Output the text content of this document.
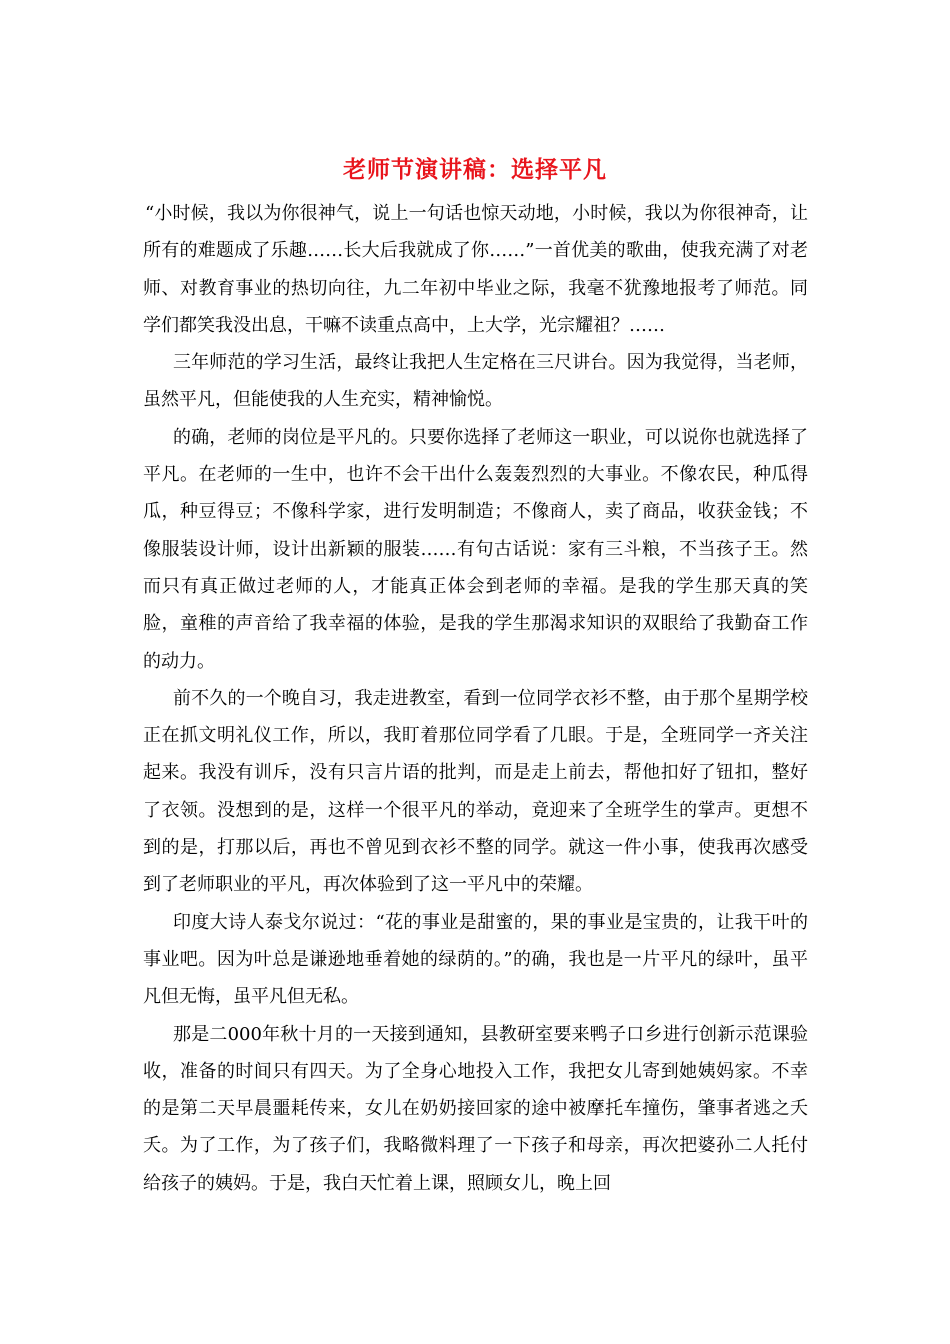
老师节演讲稿：选择平凡

“小时候，我以为你很神气，说上一句话也惊天动地，小时候，我以为你很神奇，让所有的难题成了乐趣……长大后我就成了你……”一首优美的歌曲，使我充满了对老师、对教育事业的热切向往，九二年初中毕业之际，我毫不犹豫地报考了师范。同学们都笑我没出息，干嘛不读重点高中，上大学，光宗耀祖？……

三年师范的学习生活，最终让我把人生定格在三尺讲台。因为我觉得，当老师，虽然平凡，但能使我的人生充实，精神愉悦。

的确，老师的岗位是平凡的。只要你选择了老师这一职业，可以说你也就选择了平凡。在老师的一生中，也许不会干出什么轰轰烈烈的大事业。不像农民，种瓜得瓜，种豆得豆；不像科学家，进行发明制造；不像商人，卖了商品，收获金钱；不像服装设计师，设计出新颖的服装……有句古话说：家有三斗粮，不当孩子王。然而只有真正做过老师的人，才能真正体会到老师的幸福。是我的学生那天真的笑脸，童稚的声音给了我幸福的体验，是我的学生那渴求知识的双眼给了我勤奋工作的动力。

前不久的一个晚自习，我走进教室，看到一位同学衣衫不整，由于那个星期学校正在抓文明礼仪工作，所以，我盯着那位同学看了几眼。于是，全班同学一齐关注起来。我没有训斥，没有只言片语的批判，而是走上前去，帮他扣好了钮扣，整好了衣领。没想到的是，这样一个很平凡的举动，竟迎来了全班学生的掌声。更想不到的是，打那以后，再也不曾见到衣衫不整的同学。就这一件小事，使我再次感受到了老师职业的平凡，再次体验到了这一平凡中的荣耀。

印度大诗人泰戈尔说过：“花的事业是甜蜜的，果的事业是宝贵的，让我干叶的事业吧。因为叶总是谦逊地垂着她的绿荫的。”的确，我也是一片平凡的绿叶，虽平凡但无悔，虽平凡但无私。

那是二000年秋十月的一天接到通知，县教研室要来鸭子口乡进行创新示范课验收，准备的时间只有四天。为了全身心地投入工作，我把女儿寄到她姨妈家。不幸的是第二天早晨噩耗传来，女儿在奶奶接回家的途中被摩托车撞伤，肇事者逃之夭夭。为了工作，为了孩子们，我略微料理了一下孩子和母亲，再次把婆孙二人托付给孩子的姨妈。于是，我白天忙着上课，照顾女儿，晚上回
